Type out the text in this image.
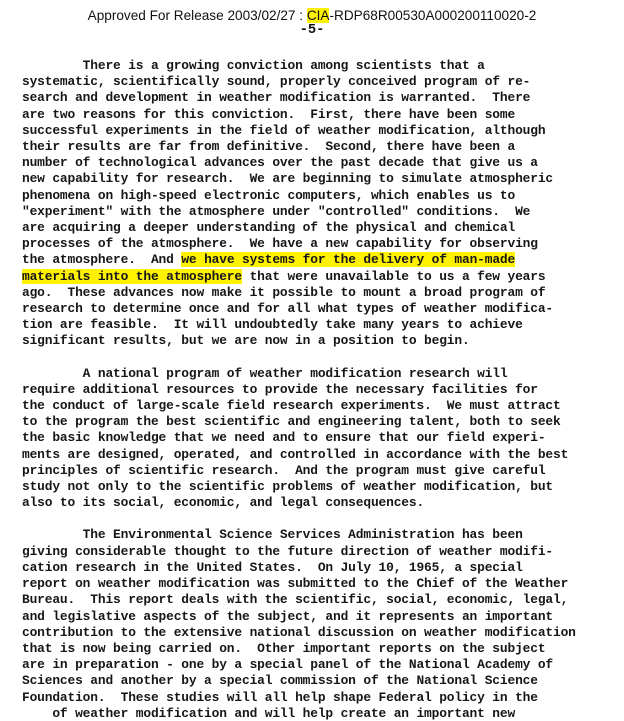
Approved For Release 2003/02/27 : CIA-RDP68R00530A000200110020-2
-5-
There is a growing conviction among scientists that a
systematic, scientifically sound, properly conceived program of re-
search and development in weather modification is warranted.  There
are two reasons for this conviction.  First, there have been some
successful experiments in the field of weather modification, although
their results are far from definitive.  Second, there have been a
number of technological advances over the past decade that give us a
new capability for research.  We are beginning to simulate atmospheric
phenomena on high-speed electronic computers, which enables us to
"experiment" with the atmosphere under "controlled" conditions.  We
are acquiring a deeper understanding of the physical and chemical
processes of the atmosphere.  We have a new capability for observing
the atmosphere.  And we have systems for the delivery of man-made
materials into the atmosphere that were unavailable to us a few years
ago.  These advances now make it possible to mount a broad program of
research to determine once and for all what types of weather modifica-
tion are feasible.  It will undoubtedly take many years to achieve
significant results, but we are now in a position to begin.
A national program of weather modification research will
require additional resources to provide the necessary facilities for
the conduct of large-scale field research experiments.  We must attract
to the program the best scientific and engineering talent, both to seek
the basic knowledge that we need and to ensure that our field experi-
ments are designed, operated, and controlled in accordance with the best
principles of scientific research.  And the program must give careful
study not only to the scientific problems of weather modification, but
also to its social, economic, and legal consequences.
The Environmental Science Services Administration has been
giving considerable thought to the future direction of weather modifi-
cation research in the United States.  On July 10, 1965, a special
report on weather modification was submitted to the Chief of the Weather
Bureau.  This report deals with the scientific, social, economic, legal,
and legislative aspects of the subject, and it represents an important
contribution to the extensive national discussion on weather modification
that is now being carried on.  Other important reports on the subject
are in preparation - one by a special panel of the National Academy of
Sciences and another by a special commission of the National Science
Foundation.  These studies will all help shape Federal policy in the
of weather modification and will help create an important new
